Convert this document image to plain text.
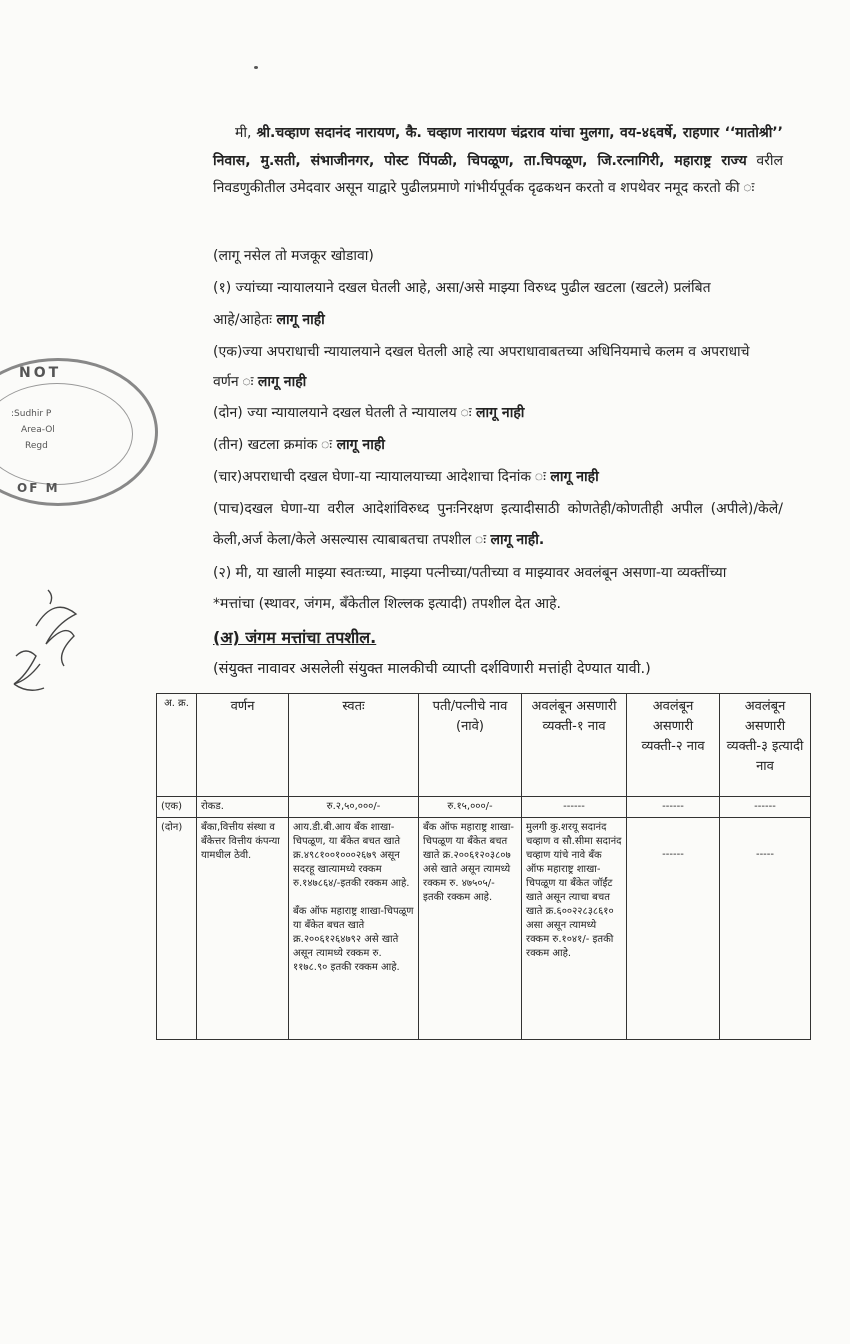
मी, श्री.चव्हाण सदानंद नारायण, कै. चव्हाण नारायण चंद्रराव यांचा मुलगा, वय-४६वर्षे, राहणार ‘‘मातोश्री’’ निवास, मु.सती, संभाजीनगर, पोस्ट पिंपळी, चिपळूण, ता.चिपळूण, जि.रत्नागिरी, महाराष्ट्र राज्य वरील निवडणुकीतील उमेदवार असून याद्वारे पुढीलप्रमाणे गांभीर्यपूर्वक दृढकथन करतो व शपथेवर नमूद करतो की ः

(लागू नसेल तो मजकूर खोडावा)
(१) ज्यांच्या न्यायालयाने दखल घेतली आहे, असा/असे माझ्या विरुध्द पुढील खटला (खटले) प्रलंबित
आहे/आहेतः लागू नाही
(एक)ज्या अपराधाची न्यायालयाने दखल घेतली आहे त्या अपराधावाबतच्या अधिनियमाचे कलम व अपराधाचे
वर्णन ः लागू नाही
(दोन) ज्या न्यायालयाने दखल घेतली ते न्यायालय ः लागू नाही
(तीन) खटला क्रमांक ः लागू नाही
(चार)अपराधाची दखल घेणा-या न्यायालयाच्या आदेशाचा दिनांक ः लागू नाही
(पाच)दखल घेणा-या वरील आदेशांविरुध्द पुनःनिरक्षण इत्यादीसाठी कोणतेही/कोणतीही अपील (अपीले)/केले/केली,अर्ज केला/केले असल्यास त्याबाबतचा तपशील ः लागू नाही.
(२) मी, या खाली माझ्या स्वतःच्या, माझ्या पत्नीच्या/पतीच्या व माझ्यावर अवलंबून असणा-या व्यक्तींच्या
*मत्तांचा (स्थावर, जंगम, बँकेतील शिल्लक इत्यादी) तपशील देत आहे.
(अ) जंगम मत्तांचा तपशील.
(संयुक्त नावावर असलेली संयुक्त मालकीची व्याप्ती दर्शविणारी मत्तांही देण्यात यावी.)
अ. क्र.	वर्णन	स्वतः	पती/पत्नीचे नाव (नावे)	अवलंबून असणारी व्यक्ती-१ नाव	अवलंबून असणारी व्यक्ती-२ नाव	अवलंबून असणारी व्यक्ती-३ इत्यादी नाव
(एक)	रोकड.	रु.२,५०,०००/-	रु.१५,०००/-	------	------	------
(दोन)	बँका,वित्तीय संस्था व बँकेत्तर वित्तीय कंपन्या यामधील ठेवी.	आय.डी.बी.आय बँक शाखा-चिपळूण, या बँकेत बचत खाते क्र.४९८१००१०००२६७९ असून सदरहू खात्यामध्ये रक्कम रु.१४७८६४/-इतकी रक्कम आहे.
बँक ऑफ महाराष्ट्र शाखा-चिपळूण या बँकेत बचत खाते क्र.२००६१२६४७९२ असे खाते असून त्यामध्ये रक्कम रु. ११७८.९० इतकी रक्कम आहे.	बँक ऑफ महाराष्ट्र शाखा-चिपळूण या बँकेत बचत खाते क्र.२००६१२०३८०७ असे खाते असून त्यामध्ये रक्कम रु. ४७५०५/- इतकी रक्कम आहे.	मुलगी कु.शरयू सदानंद चव्हाण व सौ.सीमा सदानंद चव्हाण यांचे नावे बँक ऑफ महाराष्ट्र शाखा-चिपळूण या बँकेत जॉईंट खाते असून त्याचा बचत खाते क्र.६००२२८३८६१० असा असून त्यामध्ये रक्कम रु.१०४१/- इतकी रक्कम आहे.	------	-----
NOT
:Sudhir P
Area-Ol
Regd
OF M
